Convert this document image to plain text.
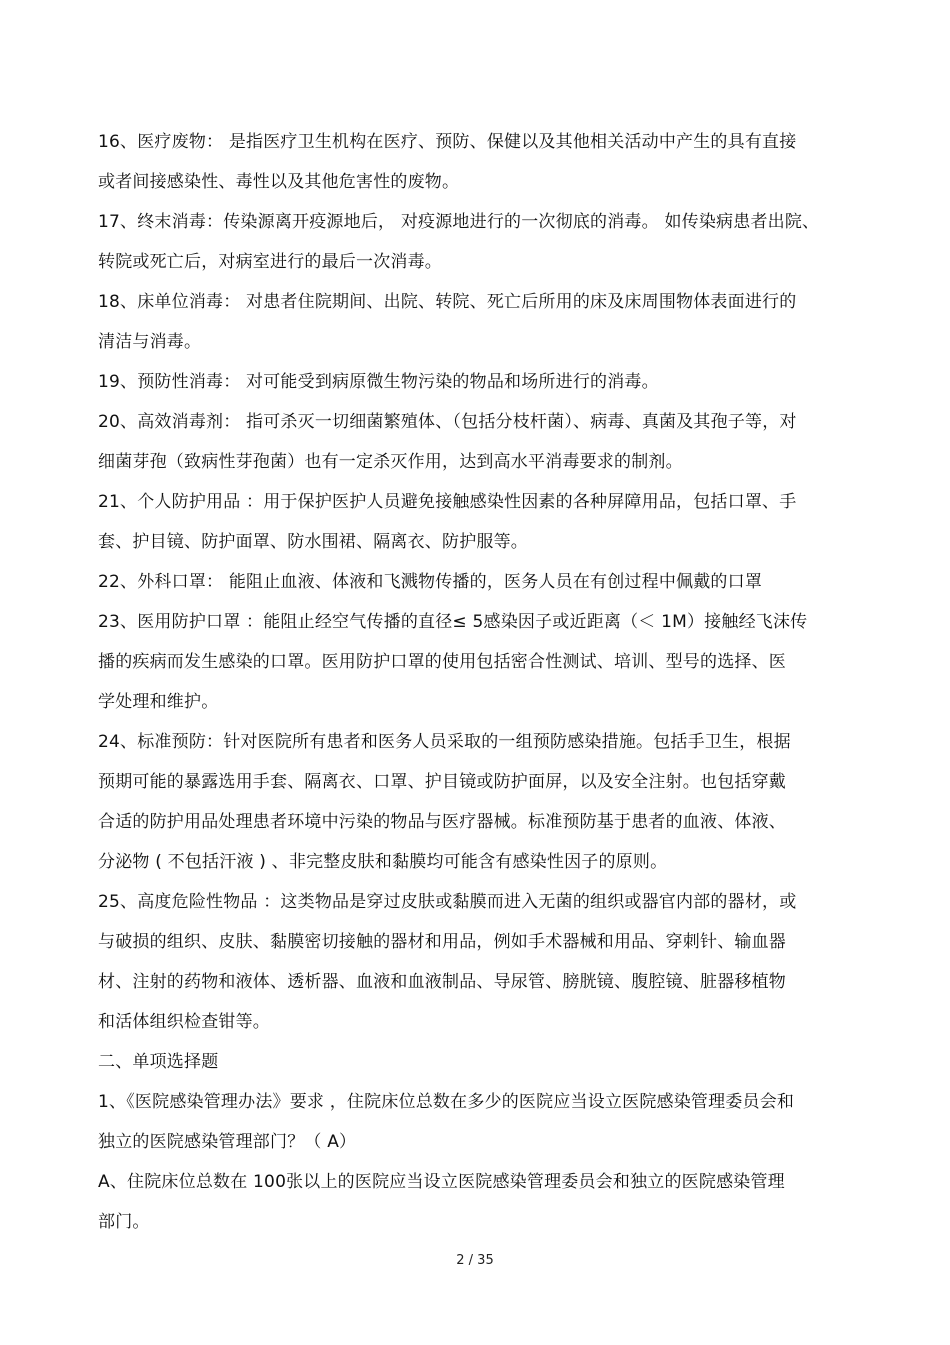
16、医疗废物： 是指医疗卫生机构在医疗、预防、保健以及其他相关活动中产生的具有直接
或者间接感染性、毒性以及其他危害性的废物。
17、终末消毒：传染源离开疫源地后， 对疫源地进行的一次彻底的消毒。 如传染病患者出院、
转院或死亡后，对病室进行的最后一次消毒。
18、床单位消毒： 对患者住院期间、出院、转院、死亡后所用的床及床周围物体表面进行的
清洁与消毒。
19、预防性消毒： 对可能受到病原微生物污染的物品和场所进行的消毒。
20、高效消毒剂： 指可杀灭一切细菌繁殖体、（包括分枝杆菌）、病毒、真菌及其孢子等，对
细菌芽孢（致病性芽孢菌）也有一定杀灭作用，达到高水平消毒要求的制剂。
21、个人防护用品 ：用于保护医护人员避免接触感染性因素的各种屏障用品，包括口罩、手
套、护目镜、防护面罩、防水围裙、隔离衣、防护服等。
22、外科口罩： 能阻止血液、体液和飞溅物传播的，医务人员在有创过程中佩戴的口罩
23、医用防护口罩 ：能阻止经空气传播的直径≤ 5感染因子或近距离（＜ 1M）接触经飞沫传
播的疾病而发生感染的口罩。医用防护口罩的使用包括密合性测试、培训、型号的选择、医
学处理和维护。
24、标准预防：针对医院所有患者和医务人员采取的一组预防感染措施。包括手卫生，根据
预期可能的暴露选用手套、隔离衣、口罩、护目镜或防护面屏，以及安全注射。也包括穿戴
合适的防护用品处理患者环境中污染的物品与医疗器械。标准预防基于患者的血液、体液、
分泌物 ( 不包括汗液 ) 、非完整皮肤和黏膜均可能含有感染性因子的原则。
25、高度危险性物品 ：这类物品是穿过皮肤或黏膜而进入无菌的组织或器官内部的器材，或
与破损的组织、皮肤、黏膜密切接触的器材和用品，例如手术器械和用品、穿刺针、输血器
材、注射的药物和液体、透析器、血液和血液制品、导尿管、膀胱镜、腹腔镜、脏器移植物
和活体组织检查钳等。
二、单项选择题
1、《医院感染管理办法》要求 ，住院床位总数在多少的医院应当设立医院感染管理委员会和
独立的医院感染管理部门？（ A）
A、住院床位总数在 100张以上的医院应当设立医院感染管理委员会和独立的医院感染管理
部门。
2 / 35
